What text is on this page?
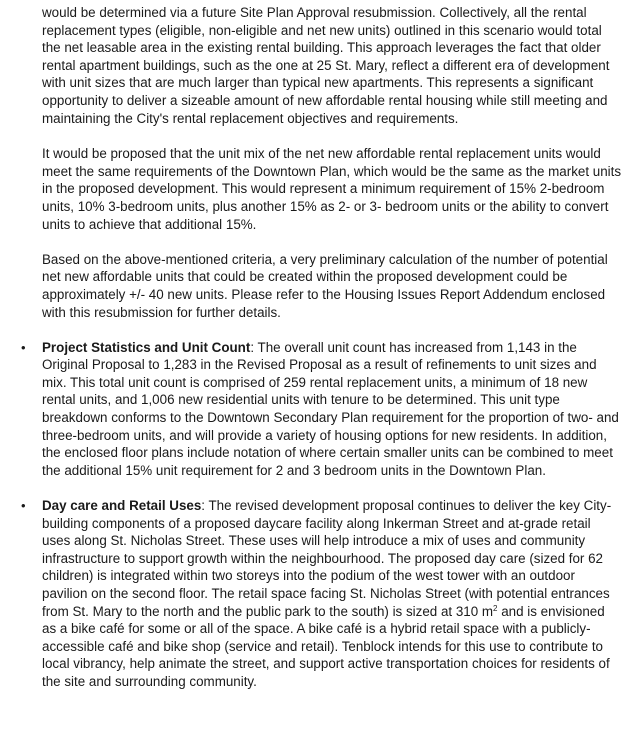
would be determined via a future Site Plan Approval resubmission. Collectively, all the rental replacement types (eligible, non-eligible and net new units) outlined in this scenario would total the net leasable area in the existing rental building. This approach leverages the fact that older rental apartment buildings, such as the one at 25 St. Mary, reflect a different era of development with unit sizes that are much larger than typical new apartments. This represents a significant opportunity to deliver a sizeable amount of new affordable rental housing while still meeting and maintaining the City's rental replacement objectives and requirements.

It would be proposed that the unit mix of the net new affordable rental replacement units would meet the same requirements of the Downtown Plan, which would be the same as the market units in the proposed development. This would represent a minimum requirement of 15% 2-bedroom units, 10% 3-bedroom units, plus another 15% as 2- or 3- bedroom units or the ability to convert units to achieve that additional 15%.

Based on the above-mentioned criteria, a very preliminary calculation of the number of potential net new affordable units that could be created within the proposed development could be approximately +/- 40 new units. Please refer to the Housing Issues Report Addendum enclosed with this resubmission for further details.

• Project Statistics and Unit Count: The overall unit count has increased from 1,143 in the Original Proposal to 1,283 in the Revised Proposal as a result of refinements to unit sizes and mix. This total unit count is comprised of 259 rental replacement units, a minimum of 18 new rental units, and 1,006 new residential units with tenure to be determined. This unit type breakdown conforms to the Downtown Secondary Plan requirement for the proportion of two- and three-bedroom units, and will provide a variety of housing options for new residents. In addition, the enclosed floor plans include notation of where certain smaller units can be combined to meet the additional 15% unit requirement for 2 and 3 bedroom units in the Downtown Plan.

• Day care and Retail Uses: The revised development proposal continues to deliver the key City-building components of a proposed daycare facility along Inkerman Street and at-grade retail uses along St. Nicholas Street. These uses will help introduce a mix of uses and community infrastructure to support growth within the neighbourhood. The proposed day care (sized for 62 children) is integrated within two storeys into the podium of the west tower with an outdoor pavilion on the second floor. The retail space facing St. Nicholas Street (with potential entrances from St. Mary to the north and the public park to the south) is sized at 310 $m^2$ and is envisioned as a bike café for some or all of the space. A bike café is a hybrid retail space with a publicly-accessible café and bike shop (service and retail). Tenblock intends for this use to contribute to local vibrancy, help animate the street, and support active transportation choices for residents of the site and surrounding community.
